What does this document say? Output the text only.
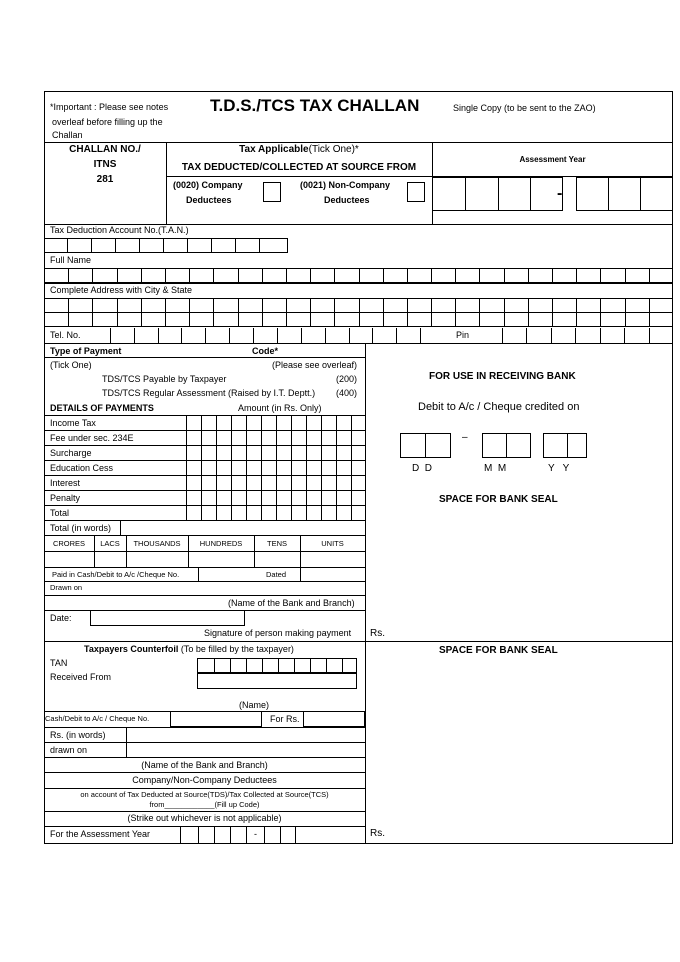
*Important : Please see notes
overleaf before filling up the
Challan
T.D.S./TCS TAX CHALLAN	Single Copy (to be sent to the ZAO)
CHALLAN NO./
ITNS
281
Tax Applicable(Tick One)*
TAX DEDUCTED/COLLECTED AT SOURCE FROM
(0020) Company
Deductees
(0021) Non-Company
Deductees
Assessment Year
-
Tax Deduction Account No.(T.A.N.)
Full Name
Complete Address with City & State
Tel. No.	Pin
Type of Payment	Code*
(Tick One)	(Please see overleaf)
TDS/TCS Payable by Taxpayer	(200)
TDS/TCS Regular Assessment (Raised by I.T. Deptt.) (400)
DETAILS OF PAYMENTS	Amount (in Rs. Only)
Income Tax
Fee under sec. 234E
Surcharge
Education Cess
Interest
Penalty
Total
Total (in words)
CRORES	LACS	THOUSANDS	HUNDREDS	TENS	UNITS
Paid in Cash/Debit to A/c /Cheque No.	Dated
Drawn on
(Name of the Bank and Branch)
Date:
Signature of person making payment Rs.
FOR USE IN RECEIVING BANK
Debit to A/c / Cheque credited on
–
D  D	M  M	Y   Y
SPACE FOR BANK SEAL
Taxpayers Counterfoil (To be filled by the taxpayer)
TAN
Received From
(Name)
Cash/Debit to A/c / Cheque No.	For Rs.
Rs. (in words)
drawn on
(Name of the Bank and Branch)
Company/Non-Company Deductees
on account of Tax Deducted at Source(TDS)/Tax Collected at Source(TCS)
from____________(Fill up Code)
(Strike out whichever is not applicable)
For the Assessment Year	-	Rs.
SPACE FOR BANK SEAL
